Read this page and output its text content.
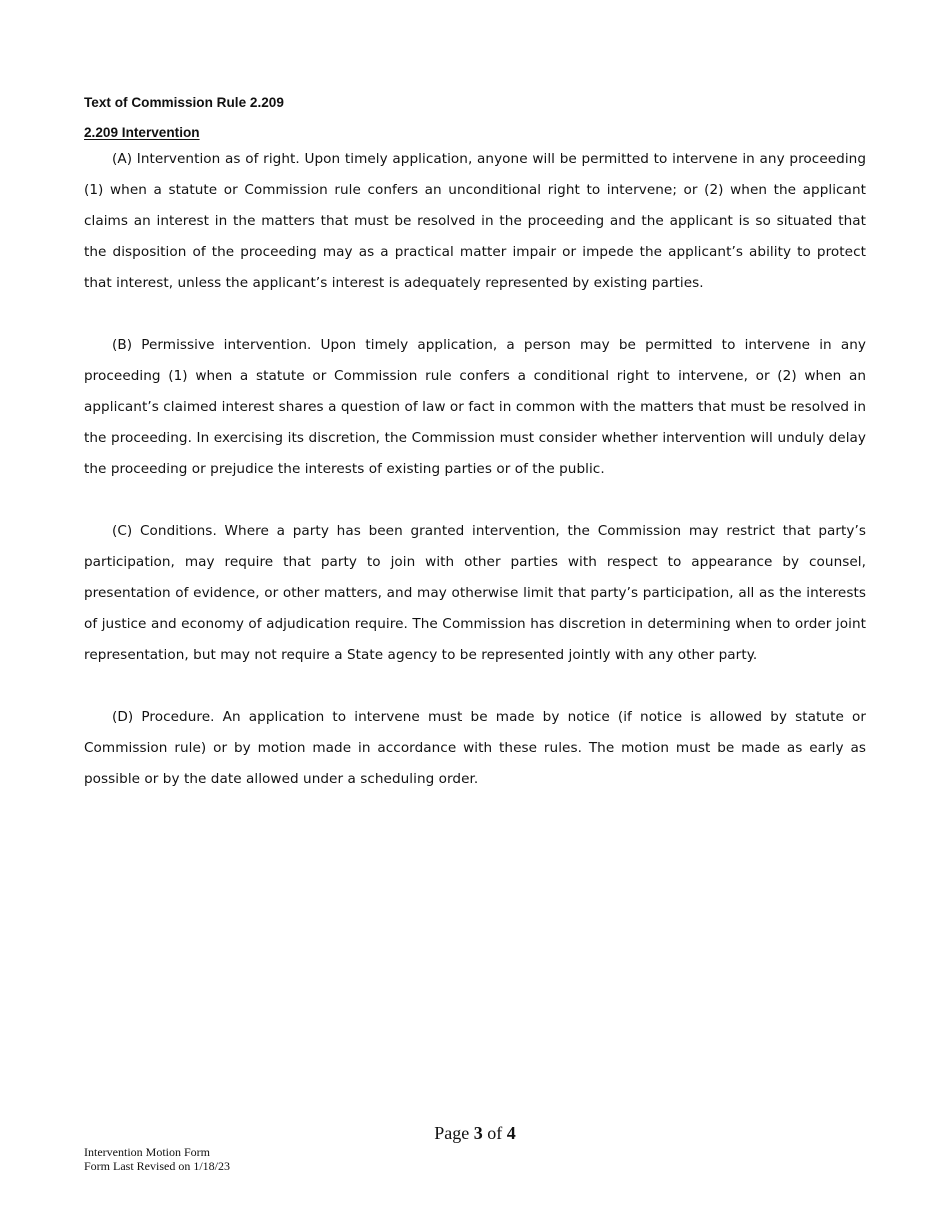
Text of Commission Rule 2.209

2.209 Intervention

(A) Intervention as of right. Upon timely application, anyone will be permitted to intervene in any proceeding (1) when a statute or Commission rule confers an unconditional right to intervene; or (2) when the applicant claims an interest in the matters that must be resolved in the proceeding and the applicant is so situated that the disposition of the proceeding may as a practical matter impair or impede the applicant’s ability to protect that interest, unless the applicant’s interest is adequately represented by existing parties.

(B) Permissive intervention. Upon timely application, a person may be permitted to intervene in any proceeding (1) when a statute or Commission rule confers a conditional right to intervene, or (2) when an applicant’s claimed interest shares a question of law or fact in common with the matters that must be resolved in the proceeding. In exercising its discretion, the Commission must consider whether intervention will unduly delay the proceeding or prejudice the interests of existing parties or of the public.

(C) Conditions. Where a party has been granted intervention, the Commission may restrict that party’s participation, may require that party to join with other parties with respect to appearance by counsel, presentation of evidence, or other matters, and may otherwise limit that party’s participation, all as the interests of justice and economy of adjudication require. The Commission has discretion in determining when to order joint representation, but may not require a State agency to be represented jointly with any other party.

(D) Procedure. An application to intervene must be made by notice (if notice is allowed by statute or Commission rule) or by motion made in accordance with these rules. The motion must be made as early as possible or by the date allowed under a scheduling order.

Page 3 of 4
Intervention Motion Form
Form Last Revised on 1/18/23
